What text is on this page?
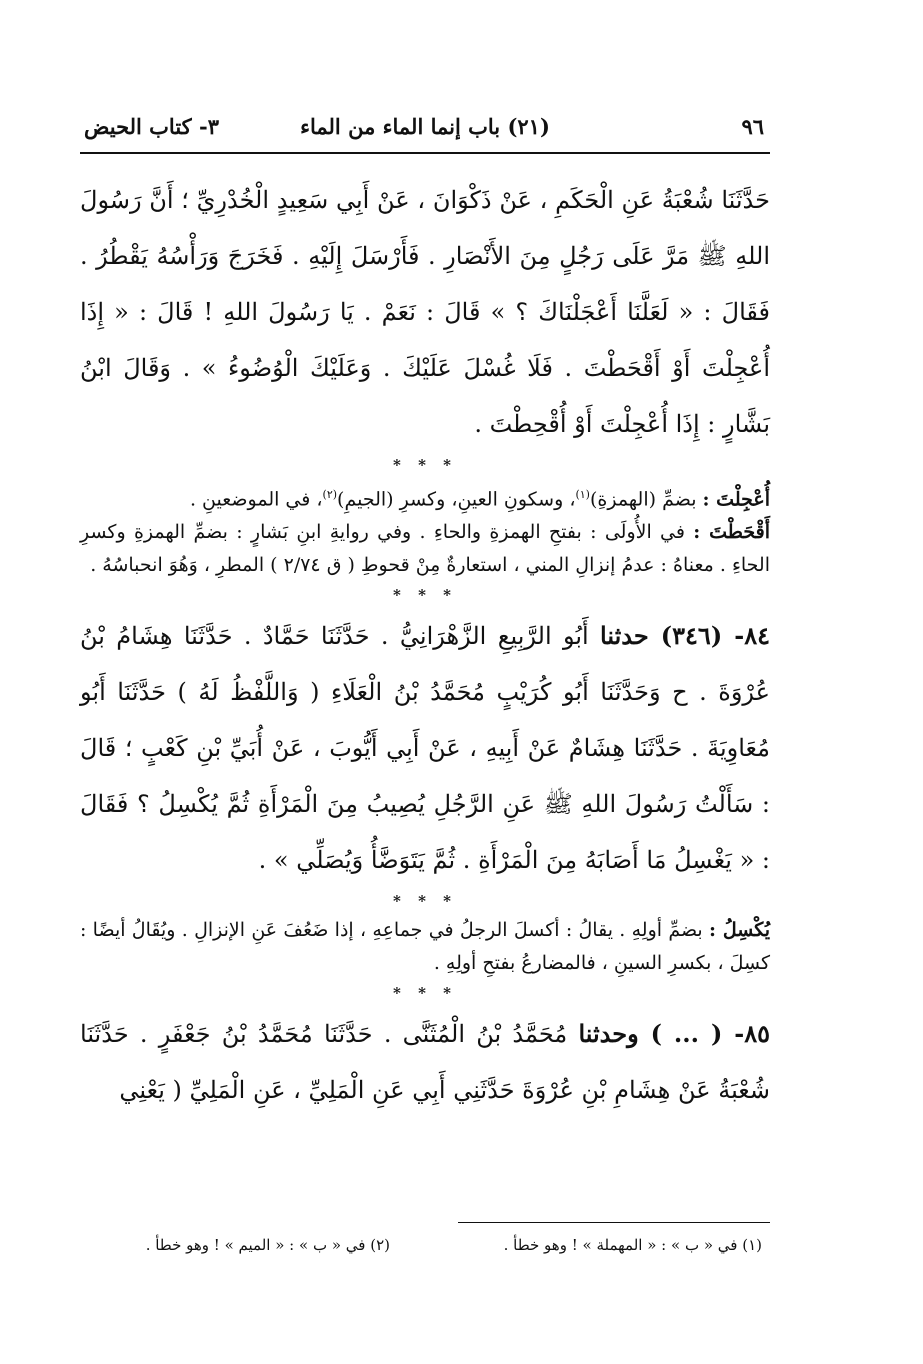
٩٦
(٢١) باب إنما الماء من الماء
٣- كتاب الحيض

حَدَّثَنَا شُعْبَةُ عَنِ الْحَكَمِ ، عَنْ ذَكْوَانَ ، عَنْ أَبِي سَعِيدٍ الْخُدْرِيِّ ؛ أَنَّ رَسُولَ اللهِ ﷺ مَرَّ عَلَى رَجُلٍ مِنَ الأَنْصَارِ . فَأَرْسَلَ إِلَيْهِ . فَخَرَجَ وَرَأْسُهُ يَقْطُرُ . فَقَالَ : « لَعَلَّنَا أَعْجَلْنَاكَ ؟ » قَالَ : نَعَمْ . يَا رَسُولَ اللهِ ! قَالَ : « إِذَا أُعْجِلْتَ أَوْ أَقْحَطْتَ . فَلَا غُسْلَ عَلَيْكَ . وَعَلَيْكَ الْوُضُوءُ » . وَقَالَ ابْنُ بَشَّارٍ : إِذَا أُعْجِلْتَ أَوْ أُقْحِطْتَ .

* * *

أُعْجِلْتَ : بضمِّ (الهمزةِ)$^{(١)}$، وسكونِ العينِ، وكسرِ (الجيمِ)$^{(٢)}$، في الموضعينِ .

أَقْحَطْتَ : في الأُولَى : بفتحِ الهمزةِ والحاءِ . وفي روايةِ ابنِ بَشارٍ : بضمِّ الهمزةِ وكسرِ الحاءِ . معناهُ : عدمُ إنزالِ المني ، استعارةٌ مِنْ قحوطِ ( ق ٢/٧٤ ) المطرِ ، وَهُوَ انحباسُهُ .

* * *

٨٤- (٣٤٦) حدثنا أَبُو الرَّبِيعِ الزَّهْرَانِيُّ . حَدَّثَنَا حَمَّادٌ . حَدَّثَنَا هِشَامُ بْنُ عُرْوَةَ . ح وَحَدَّثَنَا أَبُو كُرَيْبٍ مُحَمَّدُ بْنُ الْعَلَاءِ ( وَاللَّفْظُ لَهُ ) حَدَّثَنَا أَبُو مُعَاوِيَةَ . حَدَّثَنَا هِشَامٌ عَنْ أَبِيهِ ، عَنْ أَبِي أَيُّوبَ ، عَنْ أُبَيِّ بْنِ كَعْبٍ ؛ قَالَ : سَأَلْتُ رَسُولَ اللهِ ﷺ عَنِ الرَّجُلِ يُصِيبُ مِنَ الْمَرْأَةِ ثُمَّ يُكْسِلُ ؟ فَقَالَ : « يَغْسِلُ مَا أَصَابَهُ مِنَ الْمَرْأَةِ . ثُمَّ يَتَوَضَّأُ وَيُصَلِّي » .

* * *

يُكْسِلُ : بضمِّ أولِهِ . يقالُ : أكسلَ الرجلُ في جماعِهِ ، إذا ضَعُفَ عَنِ الإنزالِ . ويُقَالُ أيضًا : كسِلَ ، بكسرِ السينِ ، فالمضارعُ بفتحِ أولِهِ .

* * *

٨٥- ( ... ) وحدثنا مُحَمَّدُ بْنُ الْمُثَنَّى . حَدَّثَنَا مُحَمَّدُ بْنُ جَعْفَرٍ . حَدَّثَنَا شُعْبَةُ عَنْ هِشَامِ بْنِ عُرْوَةَ حَدَّثَنِي أَبِي عَنِ الْمَلِيِّ ، عَنِ الْمَلِيِّ ( يَعْنِي

(١) في « ب » : « المهملة » ! وهو خطأ .
(٢) في « ب » : « الميم » ! وهو خطأ .
